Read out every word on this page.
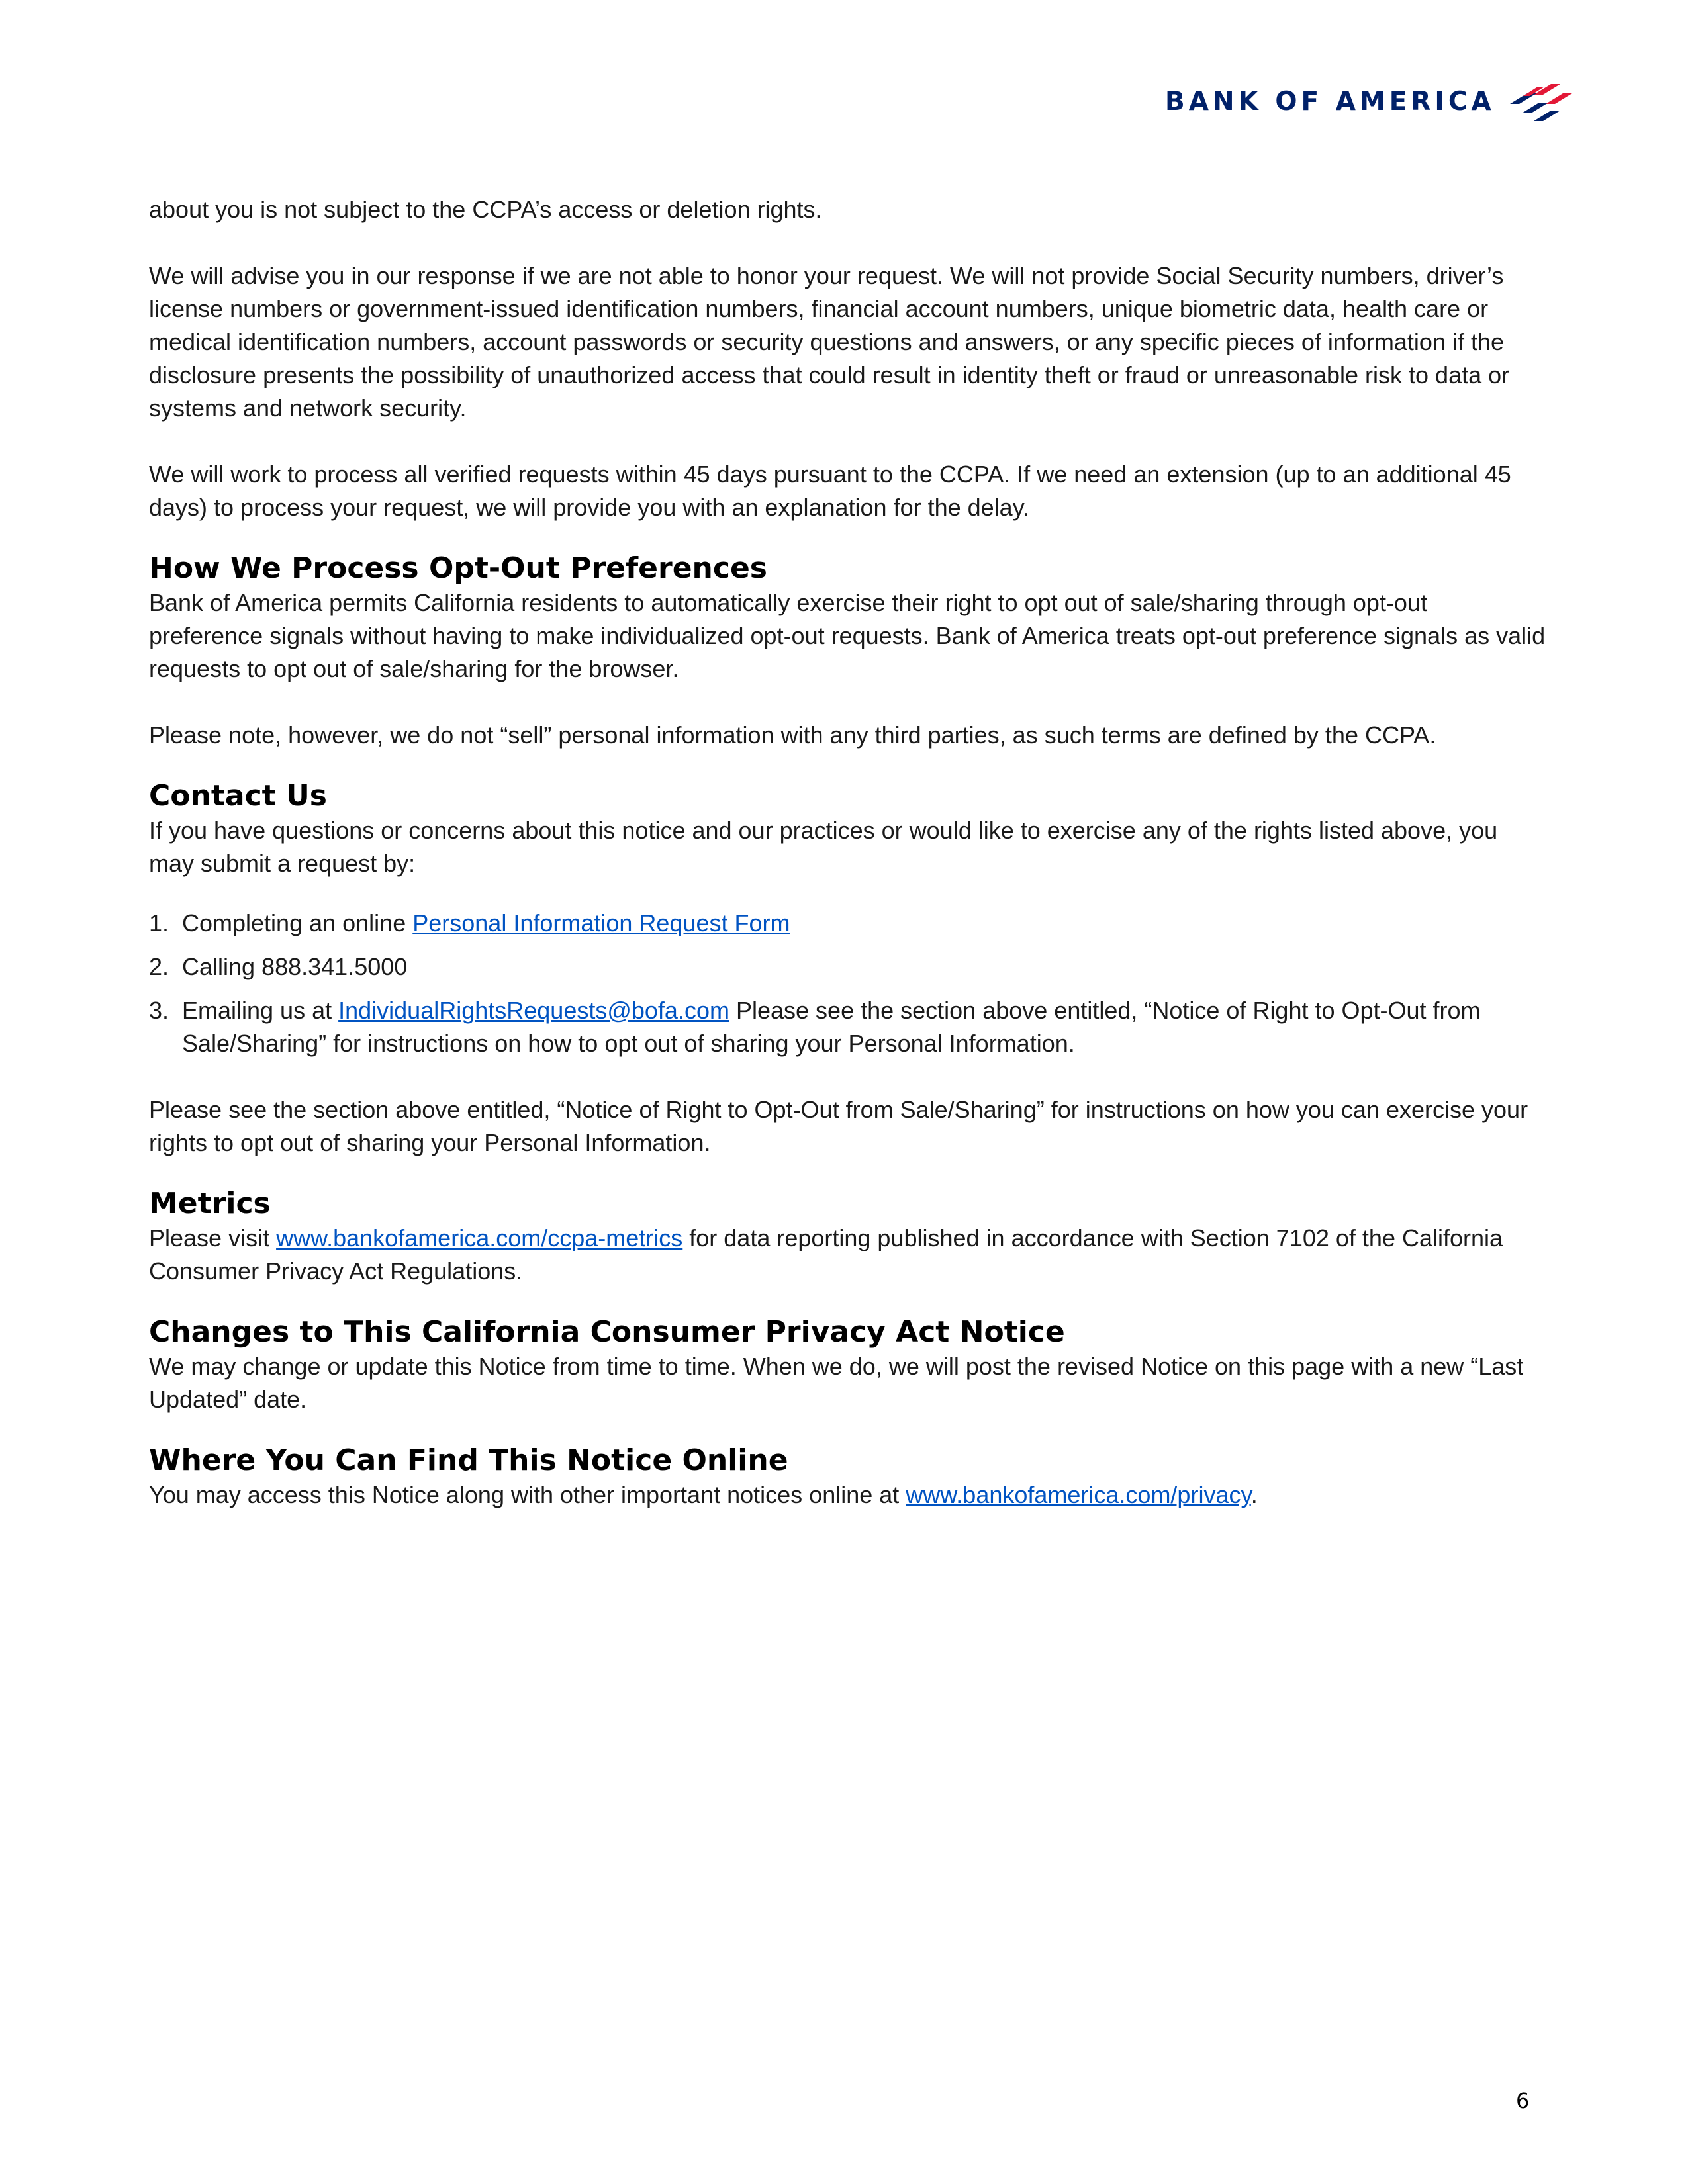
BANK OF AMERICA

about you is not subject to the CCPA’s access or deletion rights.

We will advise you in our response if we are not able to honor your request. We will not provide Social Security numbers, driver’s license numbers or government-issued identification numbers, financial account numbers, unique biometric data, health care or medical identification numbers, account passwords or security questions and answers, or any specific pieces of information if the disclosure presents the possibility of unauthorized access that could result in identity theft or fraud or unreasonable risk to data or systems and network security.

We will work to process all verified requests within 45 days pursuant to the CCPA. If we need an extension (up to an additional 45 days) to process your request, we will provide you with an explanation for the delay.

How We Process Opt-Out Preferences

Bank of America permits California residents to automatically exercise their right to opt out of sale/sharing through opt-out preference signals without having to make individualized opt-out requests. Bank of America treats opt-out preference signals as valid requests to opt out of sale/sharing for the browser.

Please note, however, we do not “sell” personal information with any third parties, as such terms are defined by the CCPA.

Contact Us

If you have questions or concerns about this notice and our practices or would like to exercise any of the rights listed above, you may submit a request by:

1. Completing an online Personal Information Request Form
2. Calling 888.341.5000
3. Emailing us at IndividualRightsRequests@bofa.com Please see the section above entitled, “Notice of Right to Opt-Out from Sale/Sharing” for instructions on how to opt out of sharing your Personal Information.

Please see the section above entitled, “Notice of Right to Opt-Out from Sale/Sharing” for instructions on how you can exercise your rights to opt out of sharing your Personal Information.

Metrics

Please visit www.bankofamerica.com/ccpa-metrics for data reporting published in accordance with Section 7102 of the California Consumer Privacy Act Regulations.

Changes to This California Consumer Privacy Act Notice

We may change or update this Notice from time to time. When we do, we will post the revised Notice on this page with a new “Last Updated” date.

Where You Can Find This Notice Online

You may access this Notice along with other important notices online at www.bankofamerica.com/privacy.

6
